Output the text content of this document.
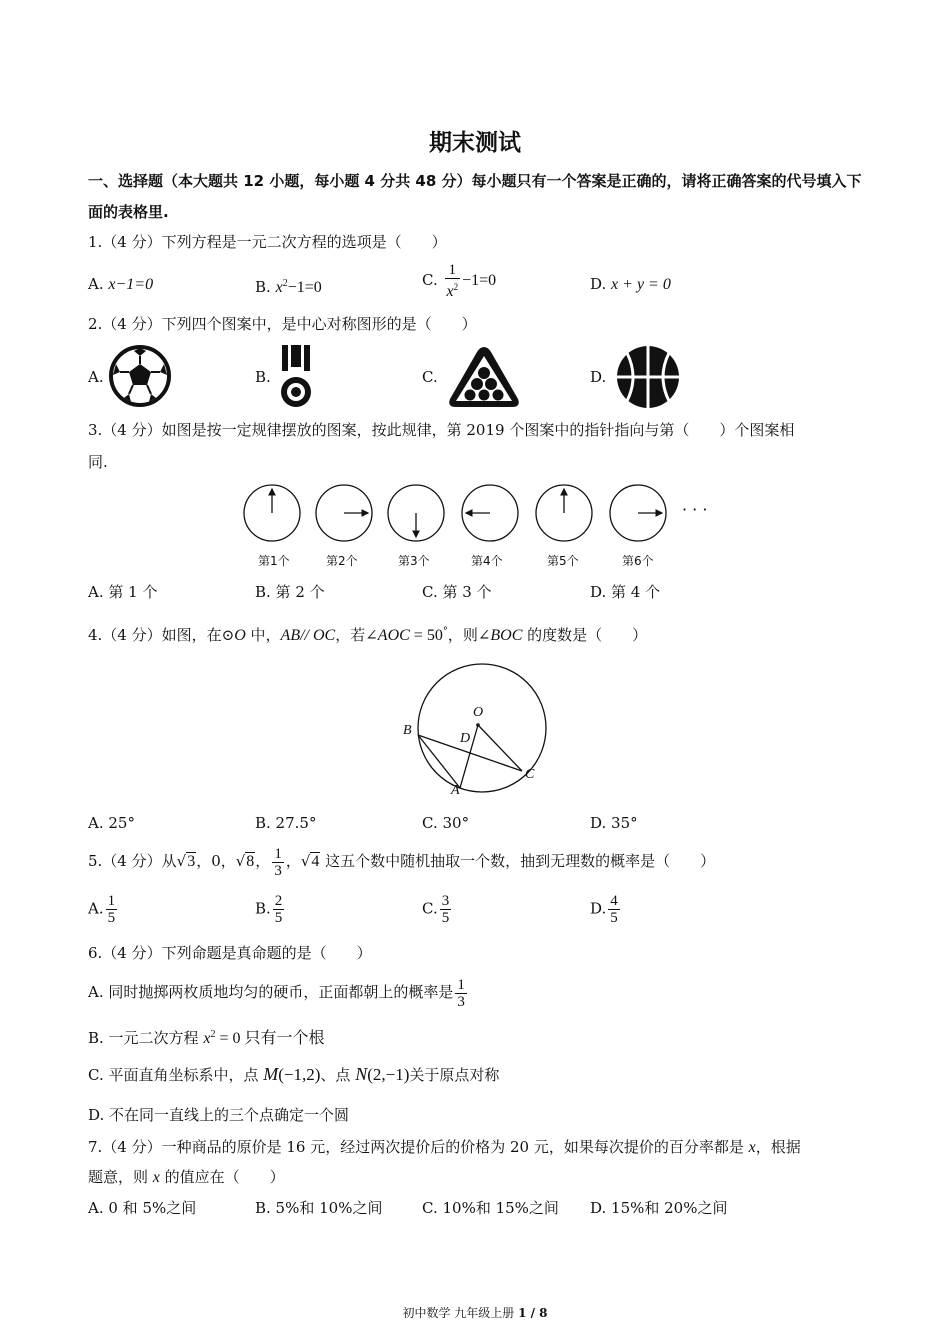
期末测试
一、选择题（本大题共 12 小题，每小题 4 分共 48 分）每小题只有一个答案是正确的，请将正确答案的代号填入下面的表格里.
1.（4 分）下列方程是一元二次方程的选项是（　　）
A. x−1=0	B. $x^2-1=0$	C. $\frac{1}{x^2} -1=0$	D. x + y = 0
2.（4 分）下列四个图案中，是中心对称图形的是（　　）
A.	B.	C.	D.
3.（4 分）如图是按一定规律摆放的图案，按此规律，第 2019 个图案中的指针指向与第（　　）个图案相
同.
· · ·
第1个	第2个	第3个	第4个	第5个	第6个
A. 第 1 个	B. 第 2 个	C. 第 3 个	D. 第 4 个
4.（4 分）如图，在⊙O 中，AB// OC，若∠AOC = 50°，则∠BOC 的度数是（　　）
O
B
D
C
A
A. 25°	B. 27.5°	C. 30°	D. 35°
5.（4 分）从√3，0，√8， $\frac{1}{3}$ ，√4 这五个数中随机抽取一个数，抽到无理数的概率是（　　）
A. $\frac{1}{5}$	B. $\frac{2}{5}$	C. $\frac{3}{5}$	D. $\frac{4}{5}$
6.（4 分）下列命题是真命题的是（　　）
A. 同时抛掷两枚质地均匀的硬币，正面都朝上的概率是 $\frac{1}{3}$
B. 一元二次方程 $x^2 = 0$ 只有一个根
C. 平面直角坐标系中，点 M(−1,2)、点 N(2,−1)关于原点对称
D. 不在同一直线上的三个点确定一个圆
7.（4 分）一种商品的原价是 16 元，经过两次提价后的价格为 20 元，如果每次提价的百分率都是 x，根据
题意，则 x 的值应在（　　）
A. 0 和 5%之间	B. 5%和 10%之间	C. 10%和 15%之间 D. 15%和 20%之间
初中数学 九年级上册 1 / 8
